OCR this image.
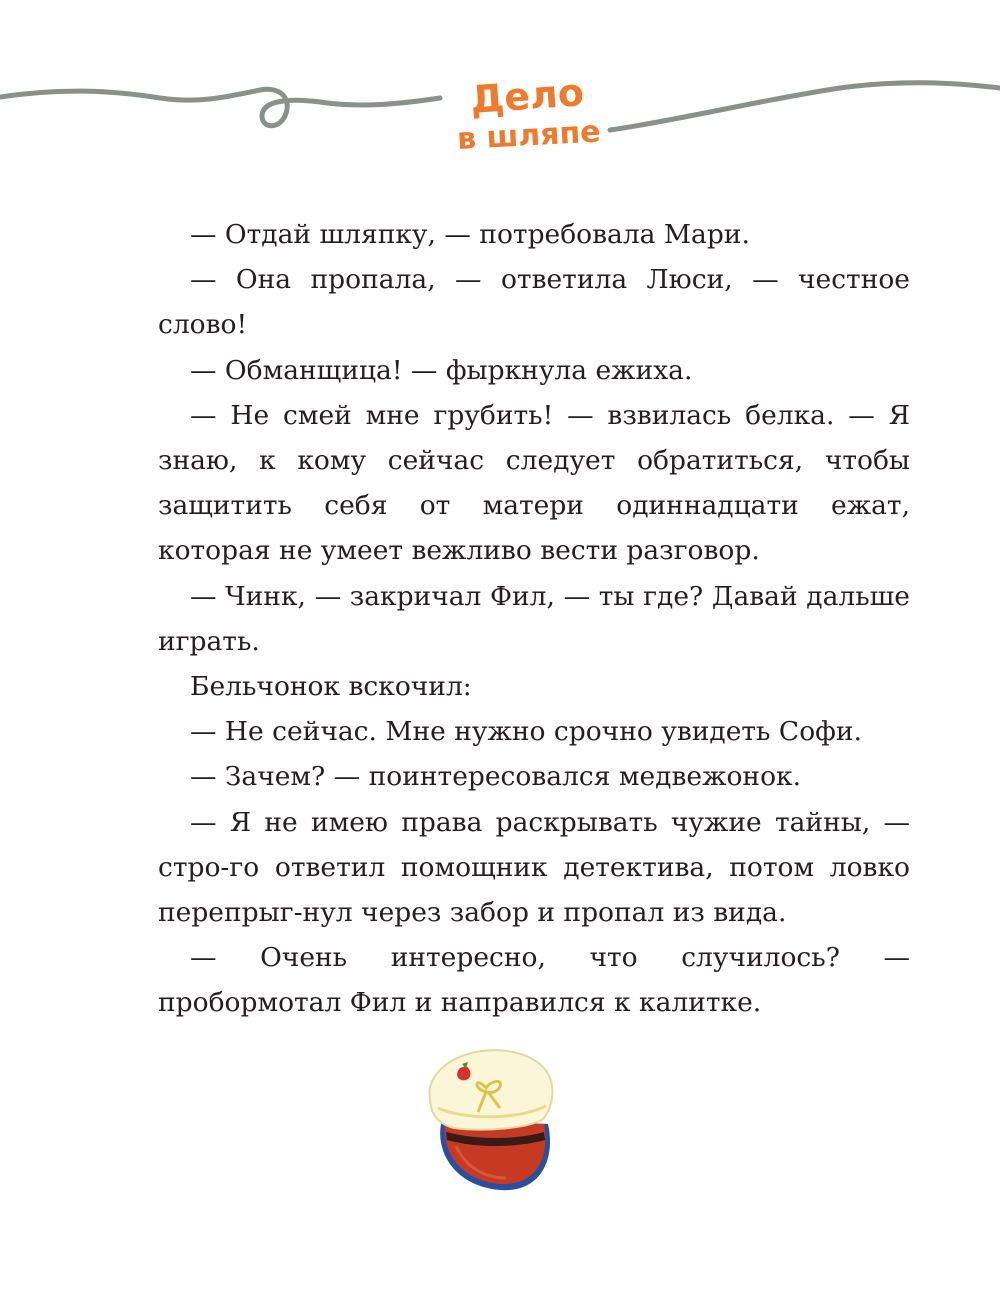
Дело
в шляпе

— Отдай шляпку, — потребовала Мари.

— Она пропала, — ответила Люси, — честное слово!

— Обманщица! — фыркнула ежиха.

— Не смей мне грубить! — взвилась белка. — Я знаю, к кому сейчас следует обратиться, чтобы защитить себя от матери одиннадцати ежат, которая не умеет вежливо вести разговор.

— Чинк, — закричал Фил, — ты где? Давай дальше играть.

Бельчонок вскочил:

— Не сейчас. Мне нужно срочно увидеть Софи.

— Зачем? — поинтересовался медвежонок.

— Я не имею права раскрывать чужие тайны, — стро-го ответил помощник детектива, потом ловко перепрыг-нул через забор и пропал из вида.

— Очень интересно, что случилось? — пробормотал Фил и направился к калитке.
